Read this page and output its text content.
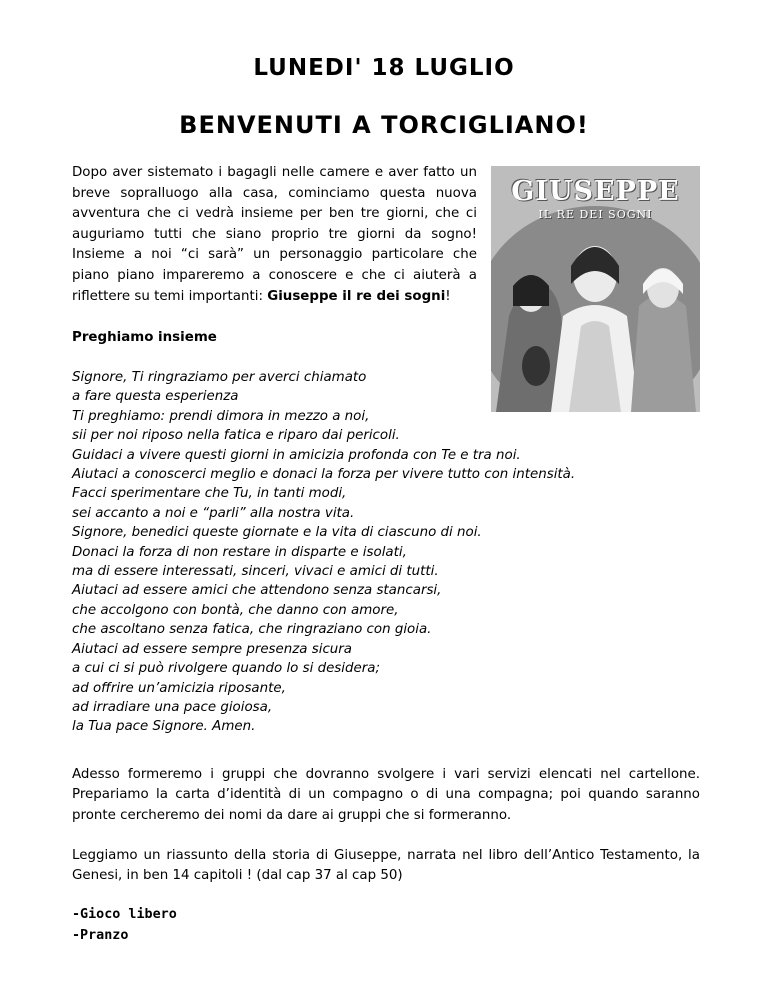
LUNEDI' 18 LUGLIO
BENVENUTI A TORCIGLIANO!

Dopo aver sistemato i bagagli nelle camere e aver fatto un breve sopralluogo alla casa, cominciamo questa nuova avventura che ci vedrà insieme per ben tre giorni, che ci auguriamo tutti che siano proprio tre giorni da sogno! Insieme a noi “ci sarà” un personaggio particolare che piano piano impareremo a conoscere e che ci aiuterà a riflettere su temi importanti: Giuseppe il re dei sogni!

GIUSEPPE
IL RE DEI SOGNI

Preghiamo insieme

Signore, Ti ringraziamo per averci chiamato
a fare questa esperienza
Ti preghiamo: prendi dimora in mezzo a noi,
sii per noi riposo nella fatica e riparo dai pericoli.
Guidaci a vivere questi giorni in amicizia profonda con Te e tra noi.
Aiutaci a conoscerci meglio e donaci la forza per vivere tutto con intensità.
Facci sperimentare che Tu, in tanti modi,
sei accanto a noi e “parli” alla nostra vita.
Signore, benedici queste giornate e la vita di ciascuno di noi.
Donaci la forza di non restare in disparte e isolati,
ma di essere interessati, sinceri, vivaci e amici di tutti.
Aiutaci ad essere amici che attendono senza stancarsi,
che accolgono con bontà, che danno con amore,
che ascoltano senza fatica, che ringraziano con gioia.
Aiutaci ad essere sempre presenza sicura
a cui ci si può rivolgere quando lo si desidera;
ad offrire un’amicizia riposante,
ad irradiare una pace gioiosa,
la Tua pace Signore. Amen.

Adesso formeremo i gruppi che dovranno svolgere i vari servizi elencati nel cartellone. Prepariamo la carta d’identità di un compagno o di una compagna; poi quando saranno pronte cercheremo dei nomi da dare ai gruppi che si formeranno.

Leggiamo un riassunto della storia di Giuseppe, narrata nel libro dell’Antico Testamento, la Genesi, in ben 14 capitoli ! (dal cap 37 al cap 50)

-Gioco libero
-Pranzo
